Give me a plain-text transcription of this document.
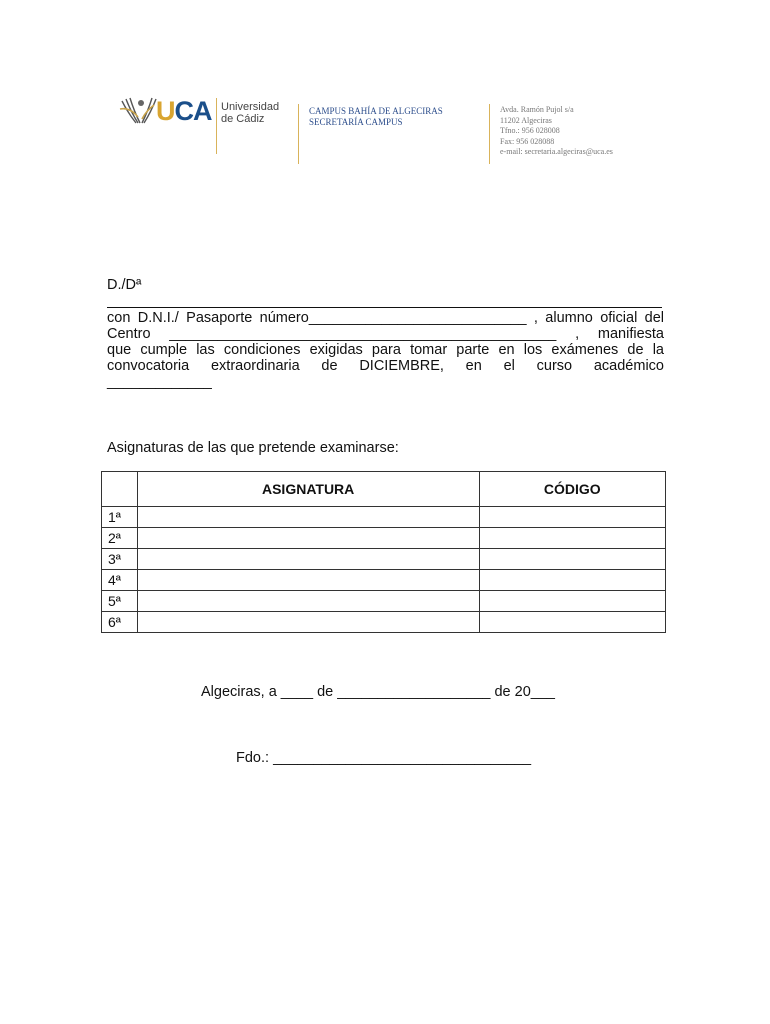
UCA Universidad
de Cádiz
CAMPUS BAHÍA DE ALGECIRAS
SECRETARÍA CAMPUS
Avda. Ramón Pujol s/a
11202 Algeciras
Tfno.: 956 028008
Fax: 956 028088
e-mail: secretaria.algeciras@uca.es
D./Dª
con D.N.I./ Pasaporte número___________________________ , alumno oficial del
Centro ________________________________________________ , manifiesta
que cumple las condiciones exigidas para tomar parte en los exámenes de la
convocatoria extraordinaria de DICIEMBRE, en el curso académico
_____________
Asignaturas de las que pretende examinarse:
	ASIGNATURA	CÓDIGO
1ª		
2ª		
3ª		
4ª		
5ª		
6ª		
Algeciras, a ____ de ___________________ de 20___
Fdo.: ________________________________
